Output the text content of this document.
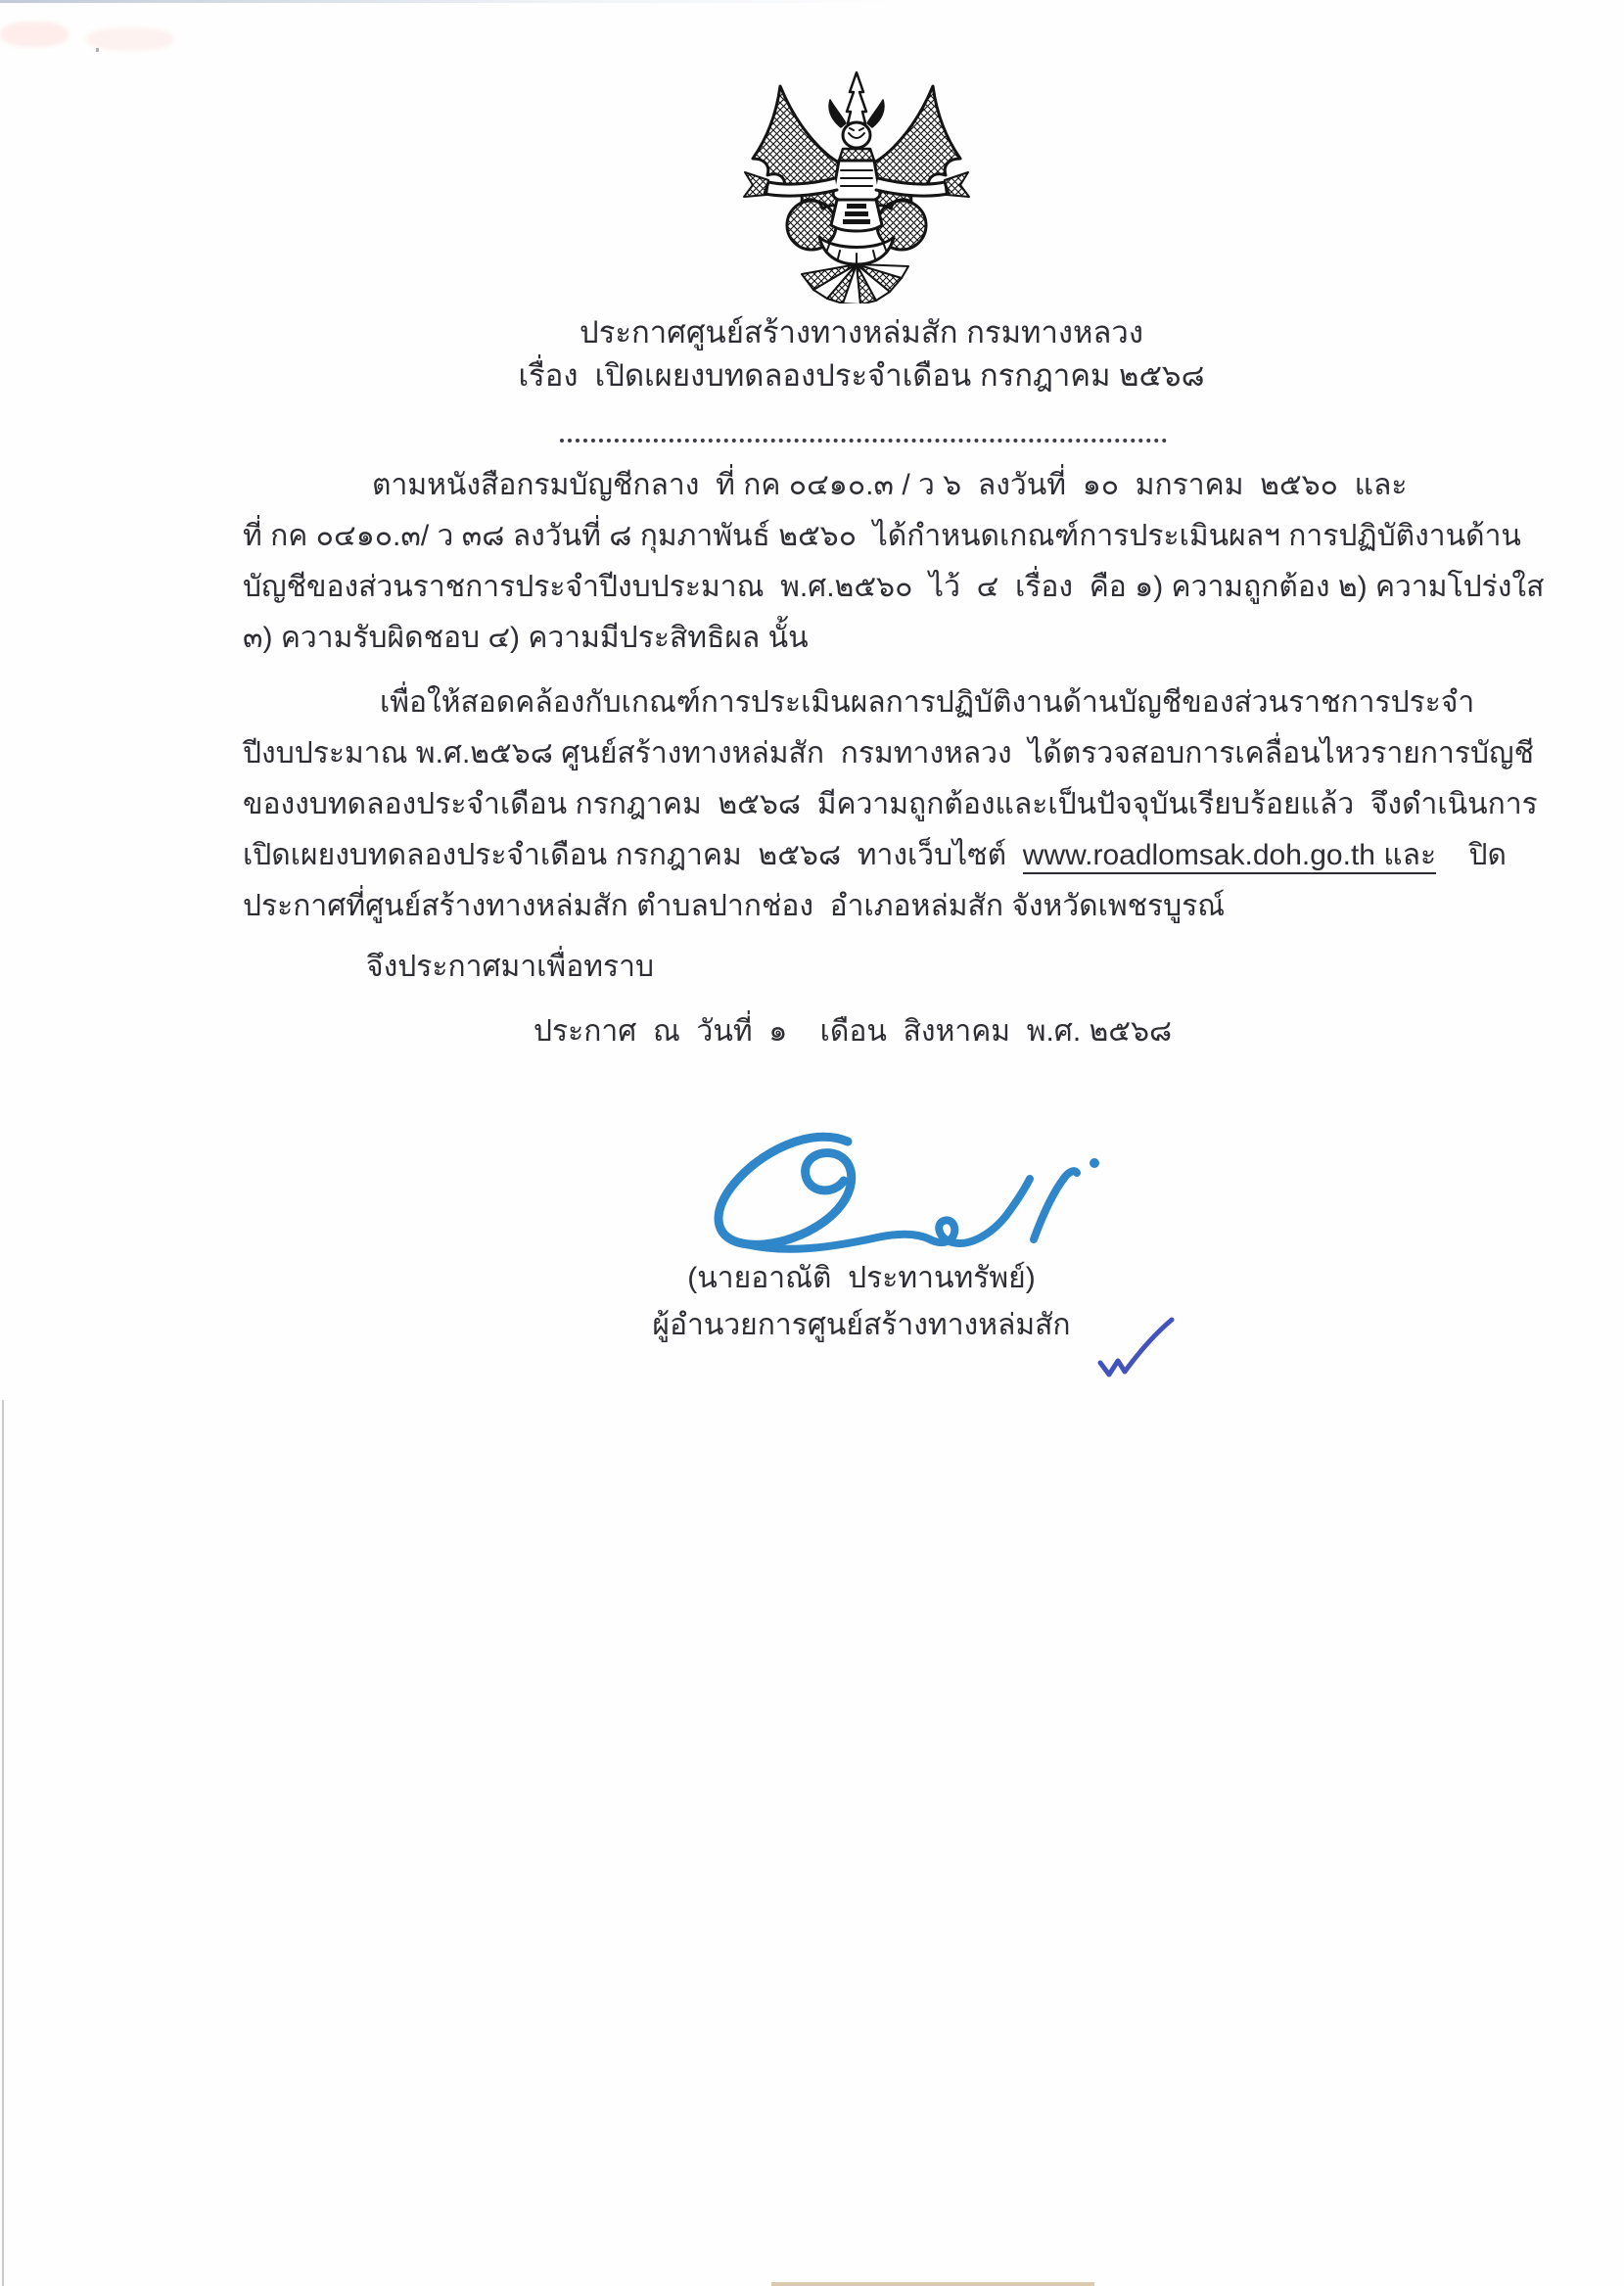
ประกาศศูนย์สร้างทางหล่มสัก กรมทางหลวง
เรื่อง  เปิดเผยงบทดลองประจำเดือน กรกฎาคม ๒๕๖๘
ตามหนังสือกรมบัญชีกลาง  ที่ กค ๐๔๑๐.๓ / ว ๖  ลงวันที่  ๑๐  มกราคม  ๒๕๖๐  และ
ที่ กค ๐๔๑๐.๓/ ว ๓๘ ลงวันที่ ๘ กุมภาพันธ์ ๒๕๖๐  ได้กำหนดเกณฑ์การประเมินผลฯ การปฏิบัติงานด้าน
บัญชีของส่วนราชการประจำปีงบประมาณ  พ.ศ.๒๕๖๐  ไว้  ๔  เรื่อง  คือ ๑) ความถูกต้อง ๒) ความโปร่งใส
๓) ความรับผิดชอบ ๔) ความมีประสิทธิผล นั้น
เพื่อให้สอดคล้องกับเกณฑ์การประเมินผลการปฏิบัติงานด้านบัญชีของส่วนราชการประจำ
ปีงบประมาณ พ.ศ.๒๕๖๘ ศูนย์สร้างทางหล่มสัก  กรมทางหลวง  ได้ตรวจสอบการเคลื่อนไหวรายการบัญชี
ของงบทดลองประจำเดือน กรกฎาคม  ๒๕๖๘  มีความถูกต้องและเป็นปัจจุบันเรียบร้อยแล้ว  จึงดำเนินการ
เปิดเผยงบทดลองประจำเดือน กรกฎาคม  ๒๕๖๘  ทางเว็บไซต์  www.roadlomsak.doh.go.th และ    ปิด
ประกาศที่ศูนย์สร้างทางหล่มสัก ตำบลปากช่อง  อำเภอหล่มสัก จังหวัดเพชรบูรณ์
จึงประกาศมาเพื่อทราบ
ประกาศ  ณ  วันที่  ๑    เดือน  สิงหาคม  พ.ศ. ๒๕๖๘
(นายอาณัติ  ประทานทรัพย์)
ผู้อำนวยการศูนย์สร้างทางหล่มสัก
